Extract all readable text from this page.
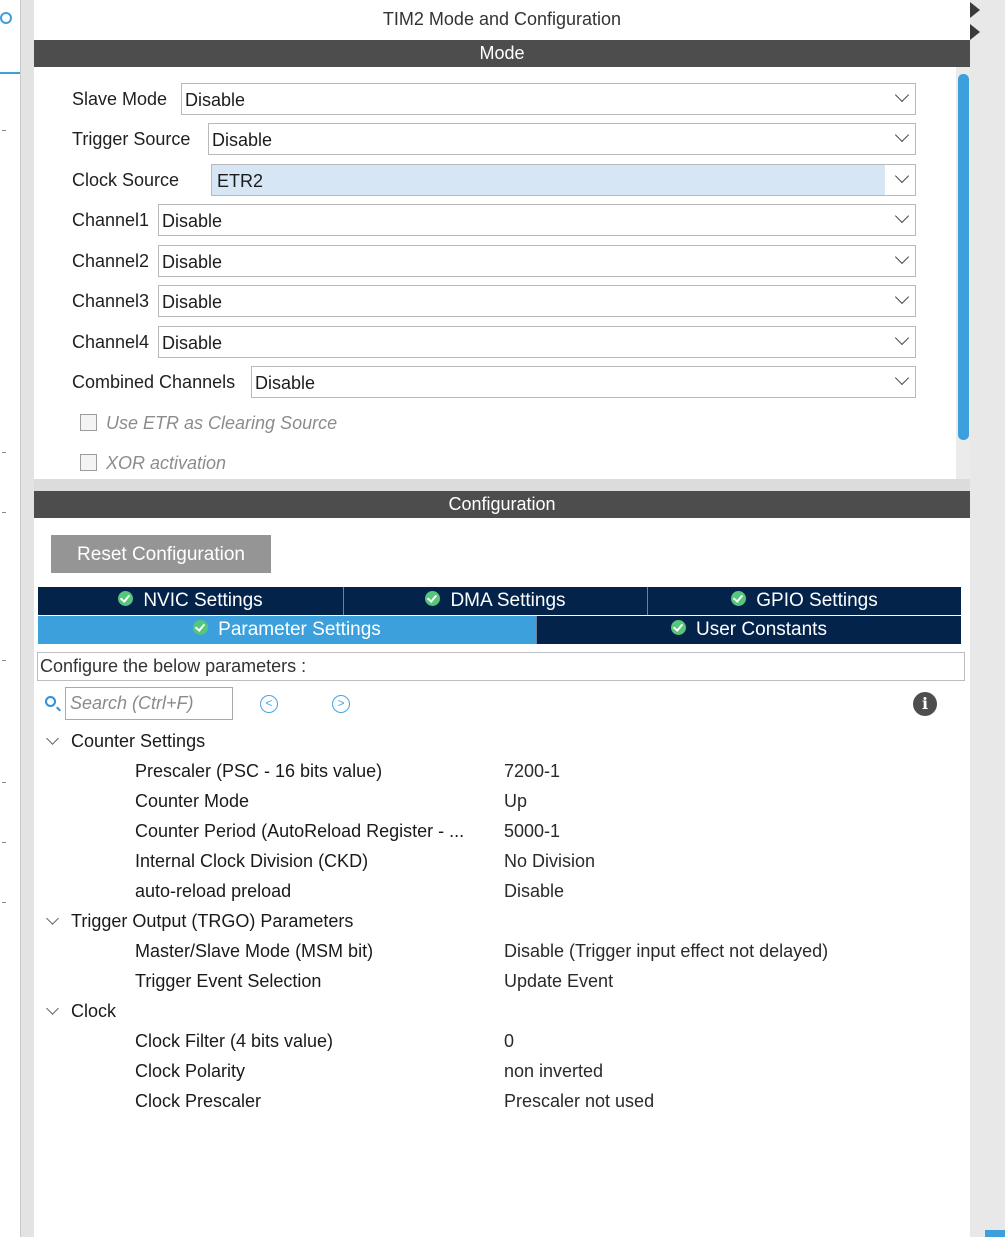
TIM2 Mode and Configuration
Mode
Slave Mode Disable
Trigger Source Disable
Clock Source ETR2
Channel1 Disable
Channel2 Disable
Channel3 Disable
Channel4 Disable
Combined Channels Disable
Use ETR as Clearing Source
XOR activation
Configuration
Reset Configuration
NVIC Settings	DMA Settings	GPIO Settings
Parameter Settings	User Constants
Configure the below parameters :
Search (Ctrl+F)
<	>	i
Counter Settings
Prescaler (PSC - 16 bits value)	7200-1
Counter Mode	Up
Counter Period (AutoReload Register - ... 5000-1
Internal Clock Division (CKD)	No Division
auto-reload preload	Disable
Trigger Output (TRGO) Parameters
Master/Slave Mode (MSM bit)	Disable (Trigger input effect not delayed)
Trigger Event Selection	Update Event
Clock
Clock Filter (4 bits value)	0
Clock Polarity	non inverted
Clock Prescaler	Prescaler not used
